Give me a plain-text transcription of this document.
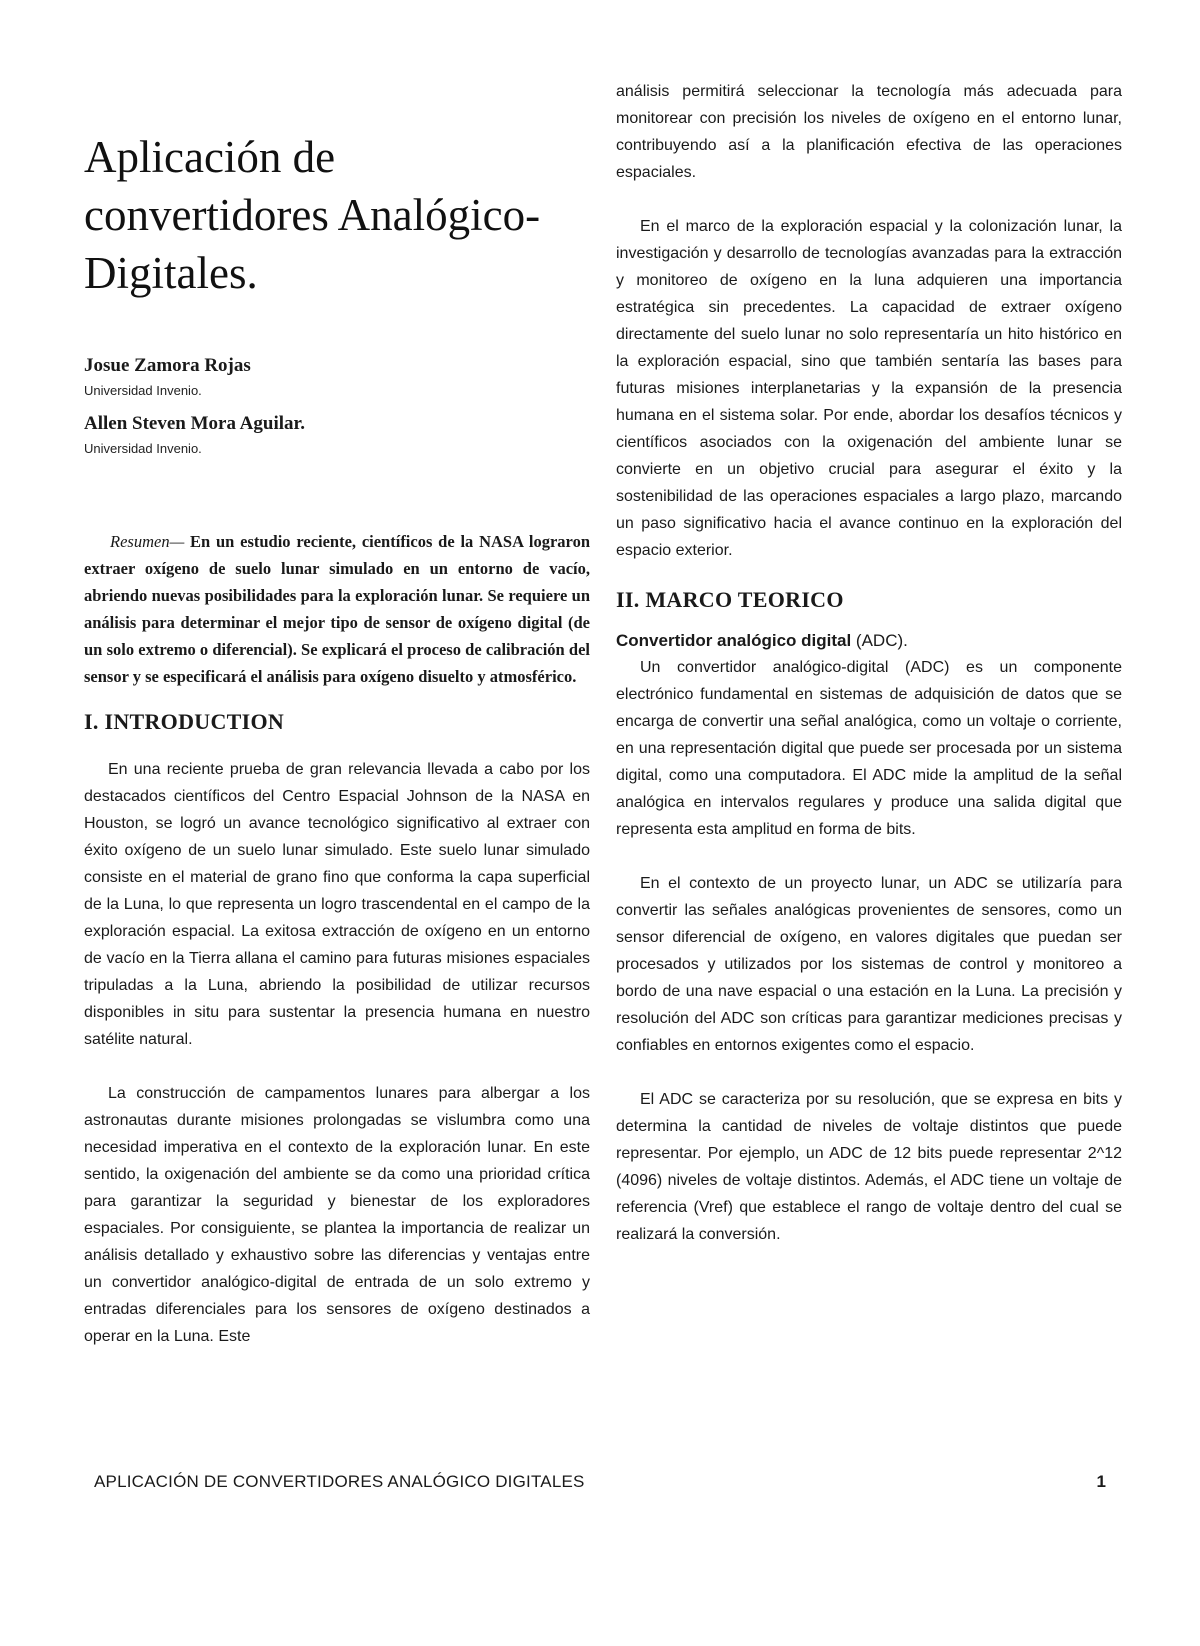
Aplicación de convertidores Analógico-Digitales.

Josue Zamora Rojas

Universidad Invenio.

Allen Steven Mora Aguilar.

Universidad Invenio.

Resumen— En un estudio reciente, científicos de la NASA lograron extraer oxígeno de suelo lunar simulado en un entorno de vacío, abriendo nuevas posibilidades para la exploración lunar. Se requiere un análisis para determinar el mejor tipo de sensor de oxígeno digital (de un solo extremo o diferencial). Se explicará el proceso de calibración del sensor y se especificará el análisis para oxígeno disuelto y atmosférico.

I. INTRODUCTION

En una reciente prueba de gran relevancia llevada a cabo por los destacados científicos del Centro Espacial Johnson de la NASA en Houston, se logró un avance tecnológico significativo al extraer con éxito oxígeno de un suelo lunar simulado. Este suelo lunar simulado consiste en el material de grano fino que conforma la capa superficial de la Luna, lo que representa un logro trascendental en el campo de la exploración espacial. La exitosa extracción de oxígeno en un entorno de vacío en la Tierra allana el camino para futuras misiones espaciales tripuladas a la Luna, abriendo la posibilidad de utilizar recursos disponibles in situ para sustentar la presencia humana en nuestro satélite natural.

La construcción de campamentos lunares para albergar a los astronautas durante misiones prolongadas se vislumbra como una necesidad imperativa en el contexto de la exploración lunar. En este sentido, la oxigenación del ambiente se da como una prioridad crítica para garantizar la seguridad y bienestar de los exploradores espaciales. Por consiguiente, se plantea la importancia de realizar un análisis detallado y exhaustivo sobre las diferencias y ventajas entre un convertidor analógico-digital de entrada de un solo extremo y entradas diferenciales para los sensores de oxígeno destinados a operar en la Luna. Este

análisis permitirá seleccionar la tecnología más adecuada para monitorear con precisión los niveles de oxígeno en el entorno lunar, contribuyendo así a la planificación efectiva de las operaciones espaciales.

En el marco de la exploración espacial y la colonización lunar, la investigación y desarrollo de tecnologías avanzadas para la extracción y monitoreo de oxígeno en la luna adquieren una importancia estratégica sin precedentes. La capacidad de extraer oxígeno directamente del suelo lunar no solo representaría un hito histórico en la exploración espacial, sino que también sentaría las bases para futuras misiones interplanetarias y la expansión de la presencia humana en el sistema solar. Por ende, abordar los desafíos técnicos y científicos asociados con la oxigenación del ambiente lunar se convierte en un objetivo crucial para asegurar el éxito y la sostenibilidad de las operaciones espaciales a largo plazo, marcando un paso significativo hacia el avance continuo en la exploración del espacio exterior.

II. MARCO TEORICO

Convertidor analógico digital (ADC).

Un convertidor analógico-digital (ADC) es un componente electrónico fundamental en sistemas de adquisición de datos que se encarga de convertir una señal analógica, como un voltaje o corriente, en una representación digital que puede ser procesada por un sistema digital, como una computadora. El ADC mide la amplitud de la señal analógica en intervalos regulares y produce una salida digital que representa esta amplitud en forma de bits.

En el contexto de un proyecto lunar, un ADC se utilizaría para convertir las señales analógicas provenientes de sensores, como un sensor diferencial de oxígeno, en valores digitales que puedan ser procesados y utilizados por los sistemas de control y monitoreo a bordo de una nave espacial o una estación en la Luna. La precisión y resolución del ADC son críticas para garantizar mediciones precisas y confiables en entornos exigentes como el espacio.

El ADC se caracteriza por su resolución, que se expresa en bits y determina la cantidad de niveles de voltaje distintos que puede representar. Por ejemplo, un ADC de 12 bits puede representar 2^12 (4096) niveles de voltaje distintos. Además, el ADC tiene un voltaje de referencia (Vref) que establece el rango de voltaje dentro del cual se realizará la conversión.

APLICACIÓN DE CONVERTIDORES ANALÓGICO DIGITALES	1
